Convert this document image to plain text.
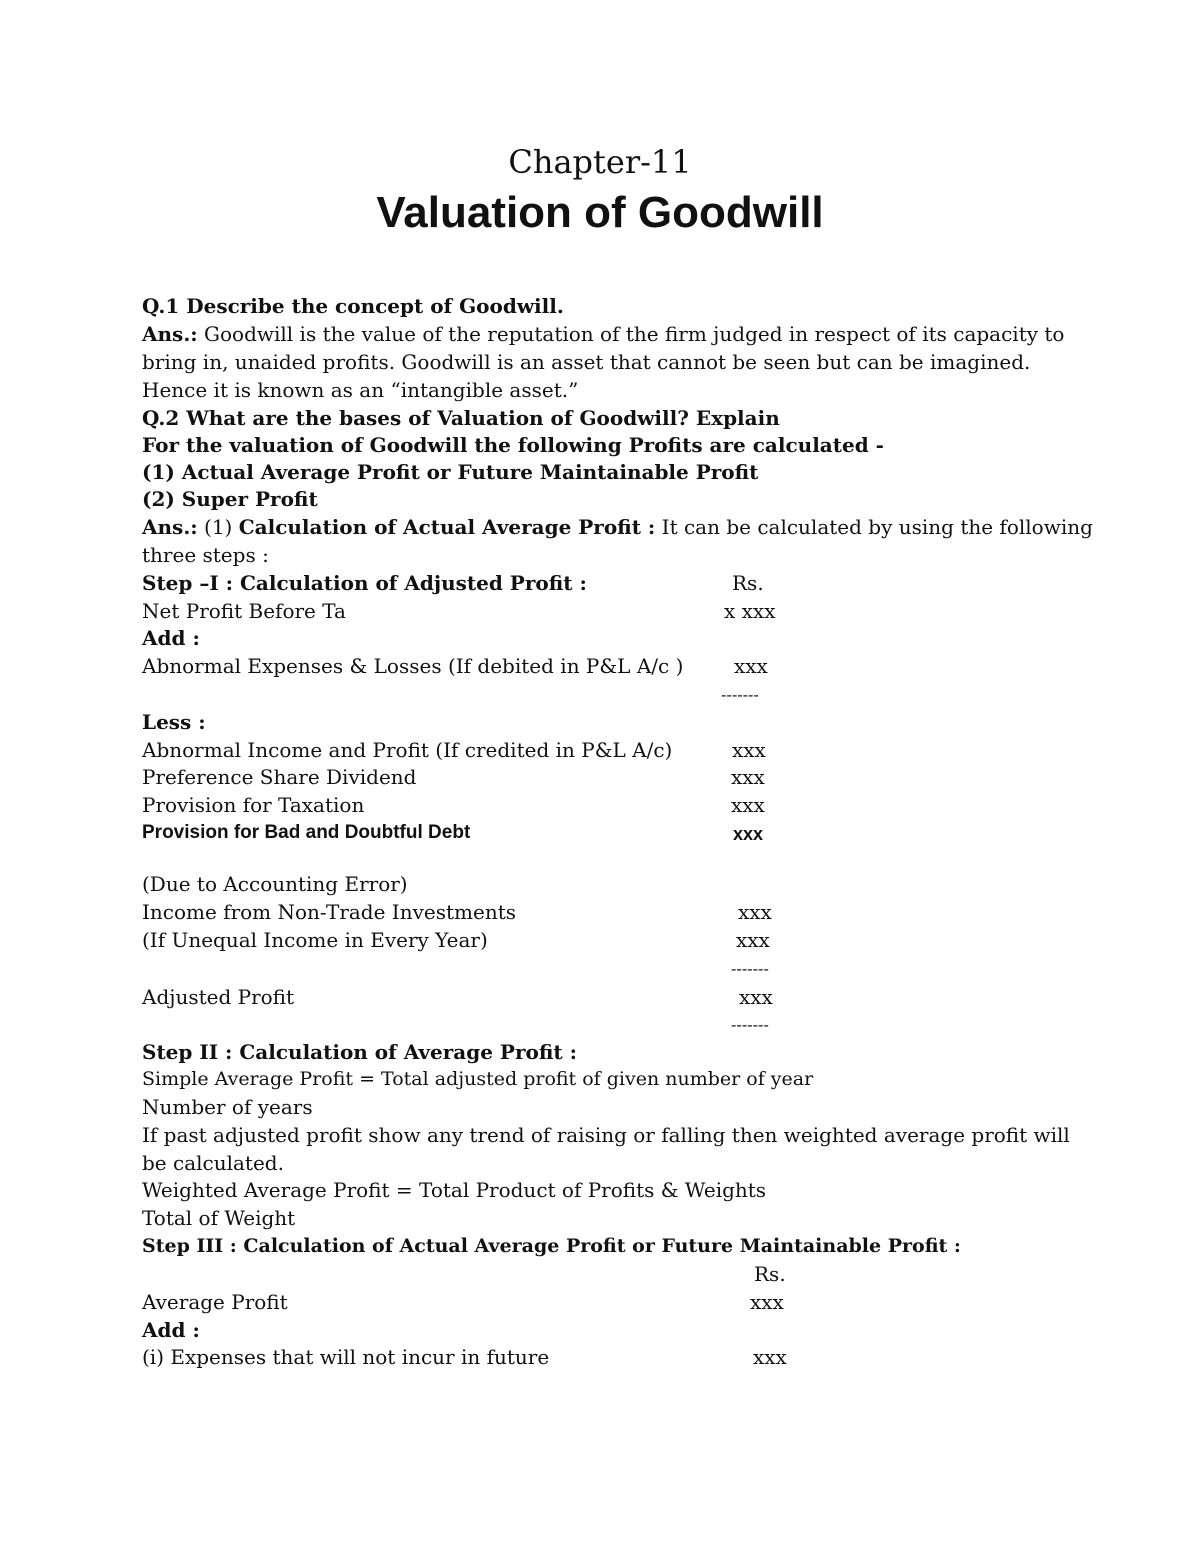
Chapter-11
Valuation of Goodwill
Q.1 Describe the concept of Goodwill.
Ans.: Goodwill is the value of the reputation of the firm judged in respect of its capacity to
bring in, unaided profits. Goodwill is an asset that cannot be seen but can be imagined.
Hence it is known as an “intangible asset.”
Q.2 What are the bases of Valuation of Goodwill? Explain
For the valuation of Goodwill the following Profits are calculated -
(1) Actual Average Profit or Future Maintainable Profit
(2) Super Profit
Ans.: (1) Calculation of Actual Average Profit : It can be calculated by using the following
three steps :
Step –I : Calculation of Adjusted Profit :	Rs.
Net Profit Before Ta	x xxx
Add :
Abnormal Expenses & Losses (If debited in P&L A/c )	xxx
-------
Less :
Abnormal Income and Profit (If credited in P&L A/c)	xxx
Preference Share Dividend	xxx
Provision for Taxation	xxx
Provision for Bad and Doubtful Debt	xxx
(Due to Accounting Error)
Income from Non-Trade Investments	xxx
(If Unequal Income in Every Year)	xxx
-------
Adjusted Profit	xxx
-------
Step II : Calculation of Average Profit :
Simple Average Profit = Total adjusted profit of given number of year
Number of years
If past adjusted profit show any trend of raising or falling then weighted average profit will
be calculated.
Weighted Average Profit = Total Product of Profits & Weights
Total of Weight
Step III : Calculation of Actual Average Profit or Future Maintainable Profit :
Rs.
Average Profit	xxx
Add :
(i) Expenses that will not incur in future	xxx
